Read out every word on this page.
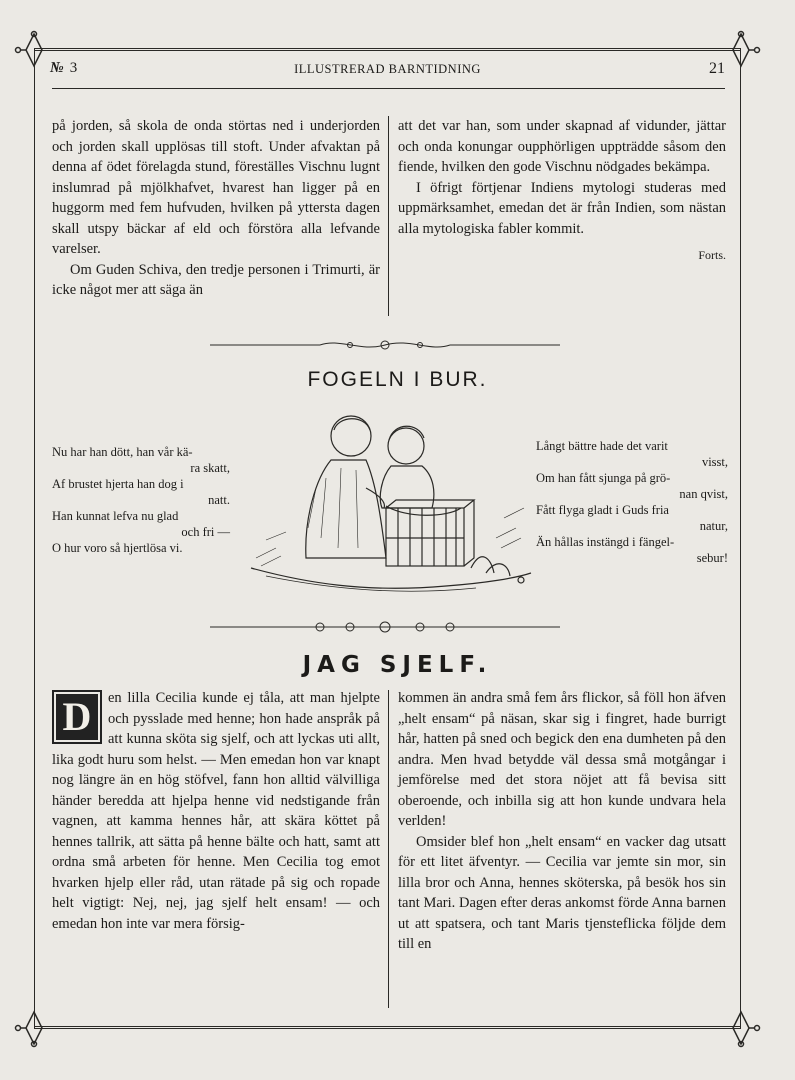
№ 3	ILLUSTRERAD BARNTIDNING	21

på jorden, så skola de onda störtas ned i underjorden och jorden skall upplösas till stoft. Under afvaktan på denna af ödet förelagda stund, föreställes Vischnu lugnt inslumrad på mjölkhafvet, hvarest han ligger på en huggorm med fem hufvuden, hvilken på yttersta dagen skall utspy bäckar af eld och förstöra alla lefvande varelser.

Om Guden Schiva, den tredje personen i Trimurti, är icke något mer att säga än

att det var han, som under skapnad af vidunder, jättar och onda konungar oupphörligen uppträdde såsom den fiende, hvilken den gode Vischnu nödgades bekämpa.

I öfrigt förtjenar Indiens mytologi studeras med uppmärksamhet, emedan det är från Indien, som nästan alla mytologiska fabler kommit.

Forts.

FOGELN I BUR.
Nu har han dött, han vår kä-
ra skatt,
Af brustet hjerta han dog i
natt.
Han kunnat lefva nu glad
och fri —
O hur voro så hjertlösa vi.
Långt bättre hade det varit
visst,
Om han fått sjunga på grö-
nan qvist,
Fått flyga gladt i Guds fria
natur,
Än hållas instängd i fängel-
sebur!
JAG SJELF.

D	en lilla Cecilia kunde ej tåla, att man hjelpte och pysslade med henne; hon hade anspråk på att kunna sköta sig sjelf, och att lyckas uti allt, lika godt huru som helst. — Men emedan hon var knapt nog längre än en hög stöfvel, fann hon alltid välvilliga händer beredda att hjelpa henne vid nedstigande från vagnen, att kamma hennes hår, att skära köttet på hennes tallrik, att sätta på henne bälte och hatt, samt att ordna små arbeten för henne. Men Cecilia tog emot hvarken hjelp eller råd, utan rätade på sig och ropade helt vigtigt: Nej, nej, jag sjelf helt ensam! — och emedan hon inte var mera försig-

kommen än andra små fem års flickor, så föll hon äfven „helt ensam“ på näsan, skar sig i fingret, hade burrigt hår, hatten på sned och begick den ena dumheten på den andra. Men hvad betydde väl dessa små motgångar i jemförelse med det stora nöjet att få bevisa sitt oberoende, och inbilla sig att hon kunde undvara hela verlden!

Omsider blef hon „helt ensam“ en vacker dag utsatt för ett litet äfventyr. — Cecilia var jemte sin mor, sin lilla bror och Anna, hennes sköterska, på besök hos sin tant Mari. Dagen efter deras ankomst förde Anna barnen ut att spatsera, och tant Maris tjensteflicka följde dem till en
